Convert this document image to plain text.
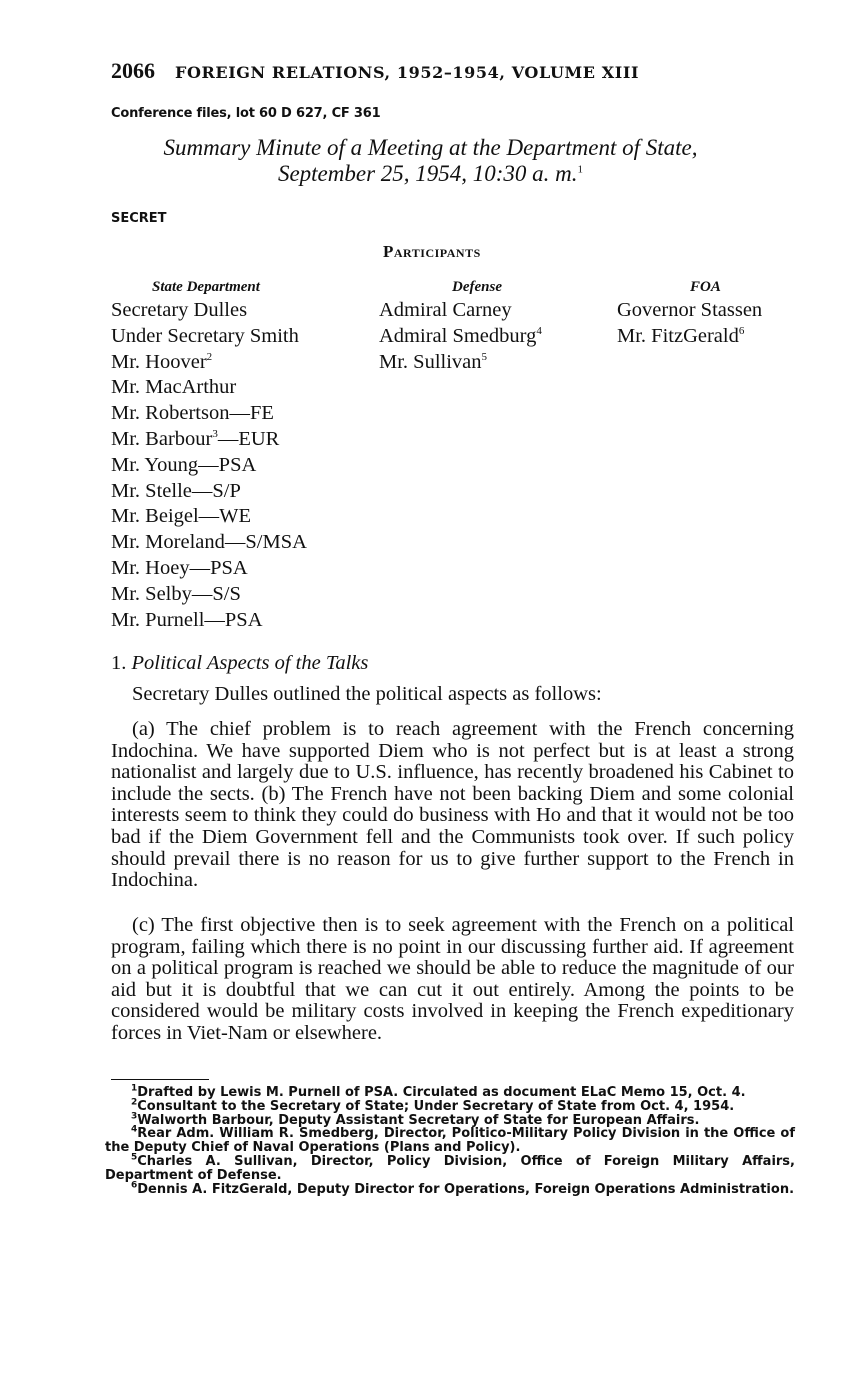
2066 FOREIGN RELATIONS, 1952–1954, VOLUME XIII
Conference files, lot 60 D 627, CF 361
Summary Minute of a Meeting at the Department of State,
September 25, 1954, 10:30 a. m.$^1$
SECRET
Participants
State Department	Defense	FOA
Secretary Dulles
Under Secretary Smith
Mr. Hoover$^2$
Mr. MacArthur
Mr. Robertson—FE
Mr. Barbour$^3$—EUR
Mr. Young—PSA
Mr. Stelle—S/P
Mr. Beigel—WE
Mr. Moreland—S/MSA
Mr. Hoey—PSA
Mr. Selby—S/S
Mr. Purnell—PSA
Admiral Carney
Admiral Smedburg$^4$
Mr. Sullivan$^5$
Governor Stassen
Mr. FitzGerald$^6$
1. Political Aspects of the Talks
Secretary Dulles outlined the political aspects as follows:
(a) The chief problem is to reach agreement with the French concerning Indochina. We have supported Diem who is not perfect but is at least a strong nationalist and largely due to U.S. influence, has recently broadened his Cabinet to include the sects. (b) The French have not been backing Diem and some colonial interests seem to think they could do business with Ho and that it would not be too bad if the Diem Government fell and the Communists took over. If such policy should prevail there is no reason for us to give further support to the French in Indochina.
(c) The first objective then is to seek agreement with the French on a political program, failing which there is no point in our discussing further aid. If agreement on a political program is reached we should be able to reduce the magnitude of our aid but it is doubtful that we can cut it out entirely. Among the points to be considered would be military costs involved in keeping the French expeditionary forces in Viet-Nam or elsewhere.

$^1$Drafted by Lewis M. Purnell of PSA. Circulated as document ELaC Memo 15, Oct. 4.

$^2$Consultant to the Secretary of State; Under Secretary of State from Oct. 4, 1954.

$^3$Walworth Barbour, Deputy Assistant Secretary of State for European Affairs.

$^4$Rear Adm. William R. Smedberg, Director, Politico-Military Policy Division in the Office of the Deputy Chief of Naval Operations (Plans and Policy).

$^5$Charles A. Sullivan, Director, Policy Division, Office of Foreign Military Affairs, Department of Defense.

$^6$Dennis A. FitzGerald, Deputy Director for Operations, Foreign Operations Administration.
